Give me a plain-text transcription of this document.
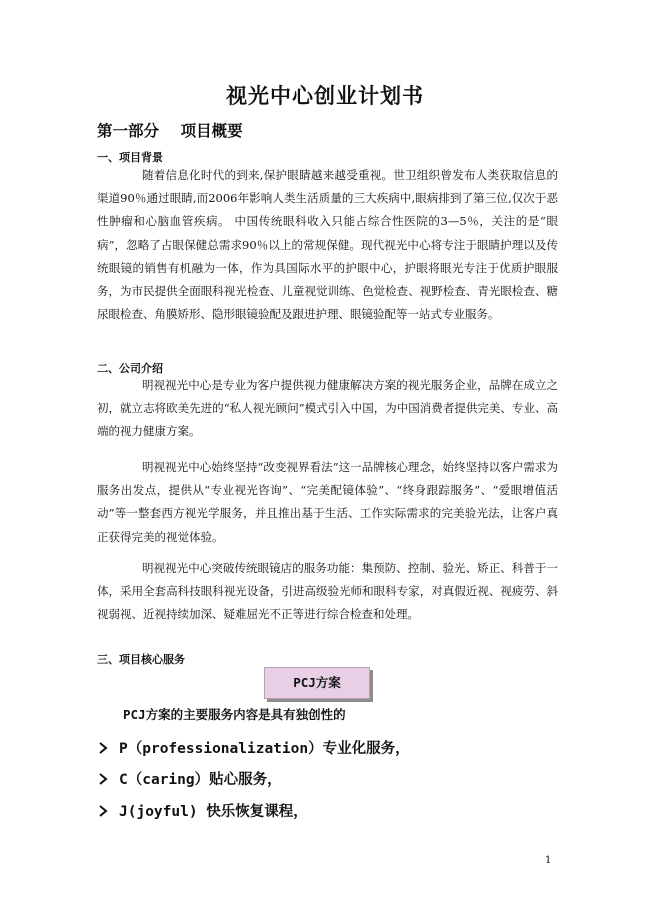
视光中心创业计划书
第一部分    项目概要
一、项目背景

随着信息化时代的到来,保护眼睛越来越受重视。世卫组织曾发布人类获取信息的渠道90％通过眼睛,而2006年影响人类生活质量的三大疾病中,眼病排到了第三位,仅次于恶性肿瘤和心脑血管疾病。 中国传统眼科收入只能占综合性医院的3—5％，关注的是“眼病”，忽略了占眼保健总需求90％以上的常规保健。现代视光中心将专注于眼睛护理以及传统眼镜的销售有机融为一体，作为具国际水平的护眼中心，护眼将眼光专注于优质护眼服务，为市民提供全面眼科视光检查、儿童视觉训练、色觉检查、视野检查、青光眼检查、糖尿眼检查、角膜矫形、隐形眼镜验配及跟进护理、眼镜验配等一站式专业服务。

二、公司介绍

明视视光中心是专业为客户提供视力健康解决方案的视光服务企业，品牌在成立之初，就立志将欧美先进的“私人视光顾问”模式引入中国，为中国消费者提供完美、专业、高端的视力健康方案。

明视视光中心始终坚持“改变视界看法”这一品牌核心理念，始终坚持以客户需求为服务出发点，提供从“专业视光咨询”、“完美配镜体验”、“终身跟踪服务”、“爱眼增值活动”等一整套西方视光学服务，并且推出基于生活、工作实际需求的完美验光法，让客户真正获得完美的视觉体验。

明视视光中心突破传统眼镜店的服务功能：集预防、控制、验光、矫正、科普于一体，采用全套高科技眼科视光设备，引进高级验光师和眼科专家，对真假近视、视疲劳、斜视弱视、近视持续加深、疑难屈光不正等进行综合检查和处理。

三、项目核心服务
PCJ方案
PCJ方案的主要服务内容是具有独创性的
P（professionalization）专业化服务，
C（caring）贴心服务，
J(joyful) 快乐恢复课程，
1
